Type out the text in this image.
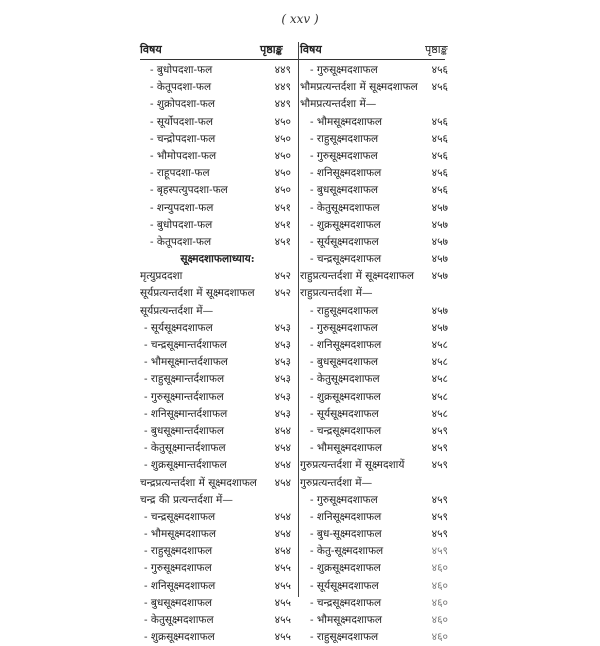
( xxv )
विषय	पृष्ठाङ्क विषय	पृष्ठाङ्क
- बुधोपदशा-फल	४४९
- केतूपदशा-फल	४४९
- शुक्रोपदशा-फल	४४९
- सूर्योपदशा-फल	४५०
- चन्द्रोपदशा-फल	४५०
- भौमोपदशा-फल	४५०
- राहूपदशा-फल	४५०
- बृहस्पत्युपदशा-फल	४५०
- शन्युपदशा-फल	४५१
- बुधोपदशा-फल	४५१
- केतूपदशा-फल	४५१
सूक्ष्मदशाफलाध्याय:
मृत्युप्रददशा	४५२
सूर्यप्रत्यन्तर्दशा में सूक्ष्मदशाफल ४५२
सूर्यप्रत्यन्तर्दशा में—
- सूर्यसूक्ष्मदशाफल	४५३
- चन्द्रसूक्ष्मान्तर्दशाफल	४५३
- भौमसूक्ष्मान्तर्दशाफल	४५३
- राहुसूक्ष्मान्तर्दशाफल	४५३
- गुरुसूक्ष्मान्तर्दशाफल	४५३
- शनिसूक्ष्मान्तर्दशाफल	४५३
- बुधसूक्ष्मान्तर्दशाफल	४५४
- केतुसूक्ष्मान्तर्दशाफल	४५४
- शुक्रसूक्ष्मान्तर्दशाफल	४५४
चन्द्रप्रत्यन्तर्दशा में सूक्ष्मदशाफल ४५४
चन्द्र की प्रत्यन्तर्दशा में—
- चन्द्रसूक्ष्मदशाफल	४५४
- भौमसूक्ष्मदशाफल	४५४
- राहुसूक्ष्मदशाफल	४५४
- गुरुसूक्ष्मदशाफल	४५५
- शनिसूक्ष्मदशाफल	४५५
- बुधसूक्ष्मदशाफल	४५५
- केतुसूक्ष्मदशाफल	४५५
- शुक्रसूक्ष्मदशाफल	४५५
- गुरुसूक्ष्मदशाफल	४५६
भौमप्रत्यन्तर्दशा में सूक्ष्मदशाफल ४५६
भौमप्रत्यन्तर्दशा में—
- भौमसूक्ष्मदशाफल	४५६
- राहुसूक्ष्मदशाफल	४५६
- गुरुसूक्ष्मदशाफल	४५६
- शनिसूक्ष्मदशाफल	४५६
- बुधसूक्ष्मदशाफल	४५६
- केतुसूक्ष्मदशाफल	४५७
- शुक्रसूक्ष्मदशाफल	४५७
- सूर्यसूक्ष्मदशाफल	४५७
- चन्द्रसूक्ष्मदशाफल	४५७
राहुप्रत्यन्तर्दशा में सूक्ष्मदशाफल ४५७
राहुप्रत्यन्तर्दशा में—
- राहुसूक्ष्मदशाफल	४५७
- गुरुसूक्ष्मदशाफल	४५७
- शनिसूक्ष्मदशाफल	४५८
- बुधसूक्ष्मदशाफल	४५८
- केतुसूक्ष्मदशाफल	४५८
- शुक्रसूक्ष्मदशाफल	४५८
- सूर्यसूक्ष्मदशाफल	४५८
- चन्द्रसूक्ष्मदशाफल	४५९
- भौमसूक्ष्मदशाफल	४५९
गुरुप्रत्यन्तर्दशा में सूक्ष्मदशायें	४५९
गुरुप्रत्यन्तर्दशा में—
- गुरुसूक्ष्मदशाफल	४५९
- शनिसूक्ष्मदशाफल	४५९
- बुध-सूक्ष्मदशाफल	४५९
- केतु-सूक्ष्मदशाफल	४५९
- शुक्रसूक्ष्मदशाफल	४६०
- सूर्यसूक्ष्मदशाफल	४६०
- चन्द्रसूक्ष्मदशाफल	४६०
- भौमसूक्ष्मदशाफल	४६०
- राहुसूक्ष्मदशाफल	४६०
